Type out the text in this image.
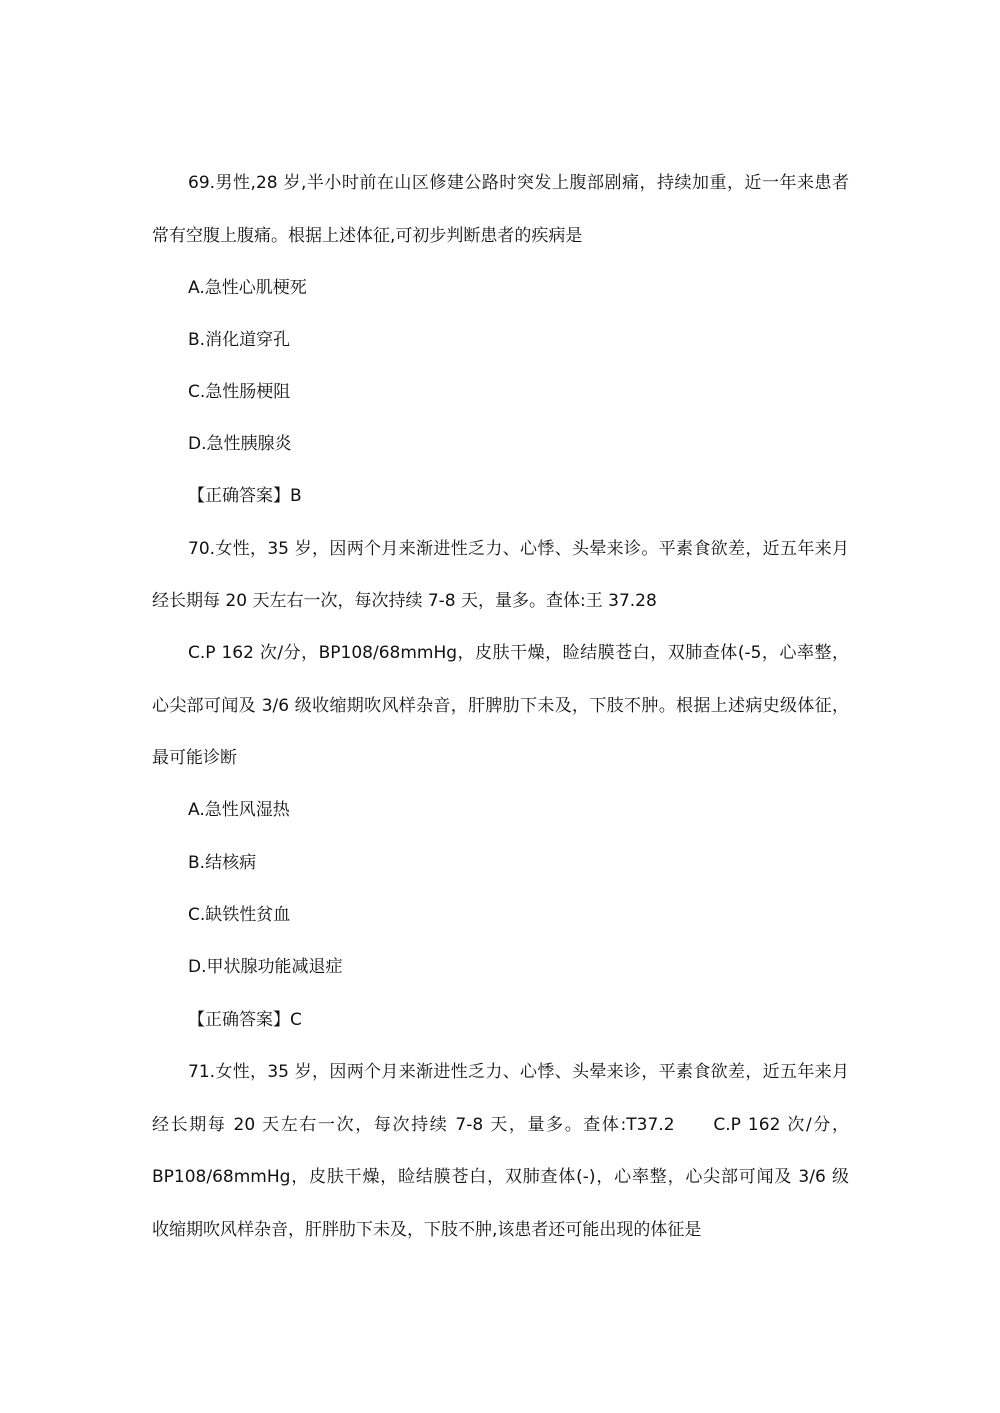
69.男性,28 岁,半小时前在山区修建公路时突发上腹部剧痛，持续加重，近一年来患者
常有空腹上腹痛。根据上述体征,可初步判断患者的疾病是
A.急性心肌梗死
B.消化道穿孔
C.急性肠梗阻
D.急性胰腺炎
【正确答案】B
70.女性，35 岁，因两个月来渐进性乏力、心悸、头晕来诊。平素食欲差，近五年来月
经长期每 20 天左右一次，每次持续 7-8 天，量多。查体:王 37.28
C.P 162 次/分，BP108/68mmHg，皮肤干燥，睑结膜苍白，双肺查体(-5，心率整，
心尖部可闻及 3/6 级收缩期吹风样杂音，肝脾肋下未及，下肢不肿。根据上述病史级体征，
最可能诊断
A.急性风湿热
B.结核病
C.缺铁性贫血
D.甲状腺功能减退症
【正确答案】C
71.女性，35 岁，因两个月来渐进性乏力、心悸、头晕来诊，平素食欲差，近五年来月
经长期每 20 天左右一次，每次持续 7-8 天，量多。查体:T37.2　　C.P 162 次/分，
BP108/68mmHg，皮肤干燥，睑结膜苍白，双肺查体(-)，心率整，心尖部可闻及 3/6 级
收缩期吹风样杂音，肝胖肋下未及，下肢不肿,该患者还可能出现的体征是
